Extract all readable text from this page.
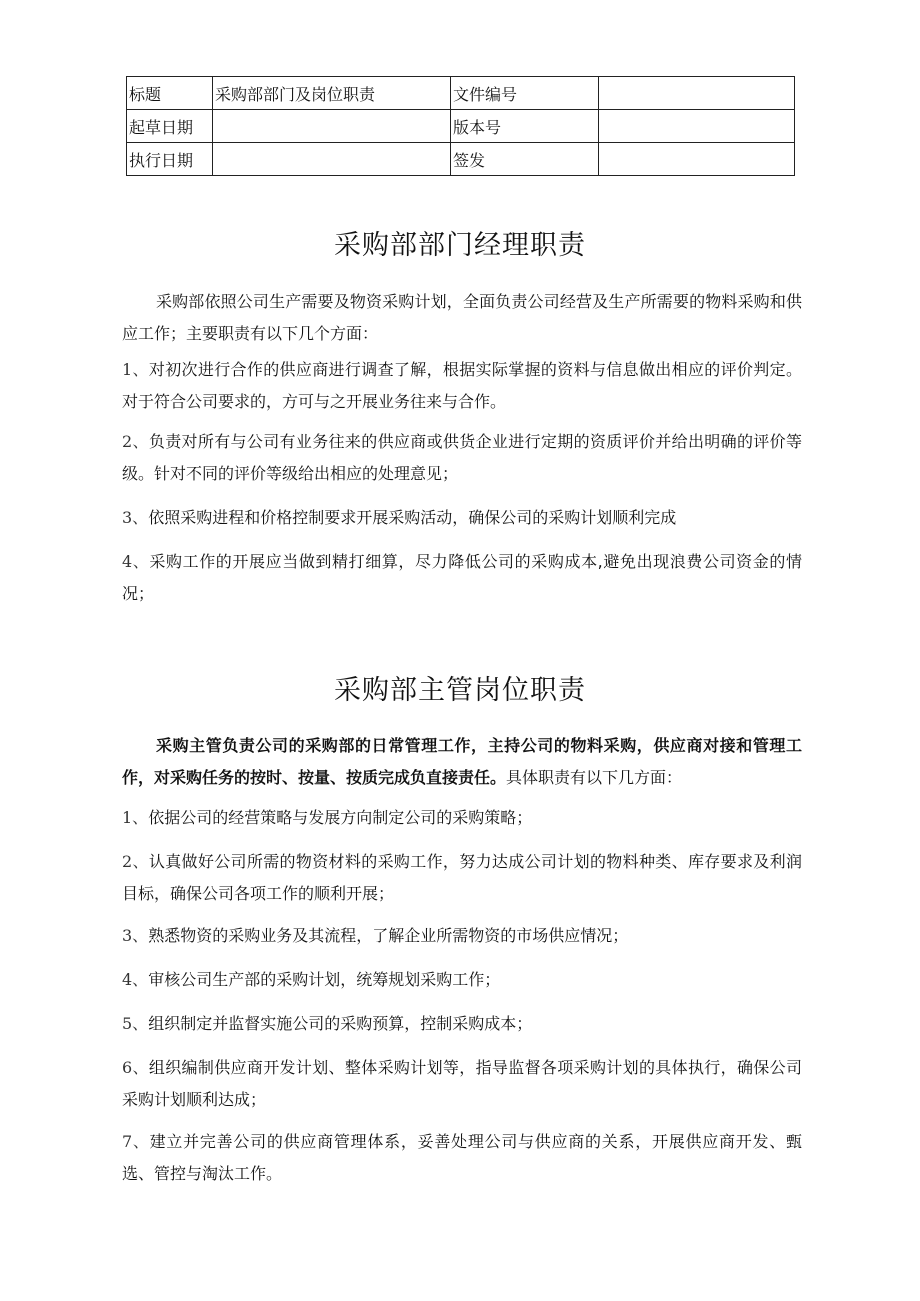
标题	采购部部门及岗位职责	文件编号	
起草日期		版本号	
执行日期		签发	
采购部部门经理职责

采购部依照公司生产需要及物资采购计划，全面负责公司经营及生产所需要的物料采购和供应工作；主要职责有以下几个方面：

1、对初次进行合作的供应商进行调查了解，根据实际掌握的资料与信息做出相应的评价判定。对于符合公司要求的，方可与之开展业务往来与合作。

2、负责对所有与公司有业务往来的供应商或供货企业进行定期的资质评价并给出明确的评价等级。针对不同的评价等级给出相应的处理意见；

3、依照采购进程和价格控制要求开展采购活动，确保公司的采购计划顺利完成

4、采购工作的开展应当做到精打细算，尽力降低公司的采购成本,避免出现浪费公司资金的情况；

采购部主管岗位职责

采购主管负责公司的采购部的日常管理工作，主持公司的物料采购，供应商对接和管理工作，对采购任务的按时、按量、按质完成负直接责任。具体职责有以下几方面：

1、依据公司的经营策略与发展方向制定公司的采购策略；

2、认真做好公司所需的物资材料的采购工作，努力达成公司计划的物料种类、库存要求及利润目标，确保公司各项工作的顺利开展；

3、熟悉物资的采购业务及其流程，了解企业所需物资的市场供应情况；

4、审核公司生产部的采购计划，统筹规划采购工作；

5、组织制定并监督实施公司的采购预算，控制采购成本；

6、组织编制供应商开发计划、整体采购计划等，指导监督各项采购计划的具体执行，确保公司采购计划顺利达成；

7、建立并完善公司的供应商管理体系，妥善处理公司与供应商的关系，开展供应商开发、甄选、管控与淘汰工作。
